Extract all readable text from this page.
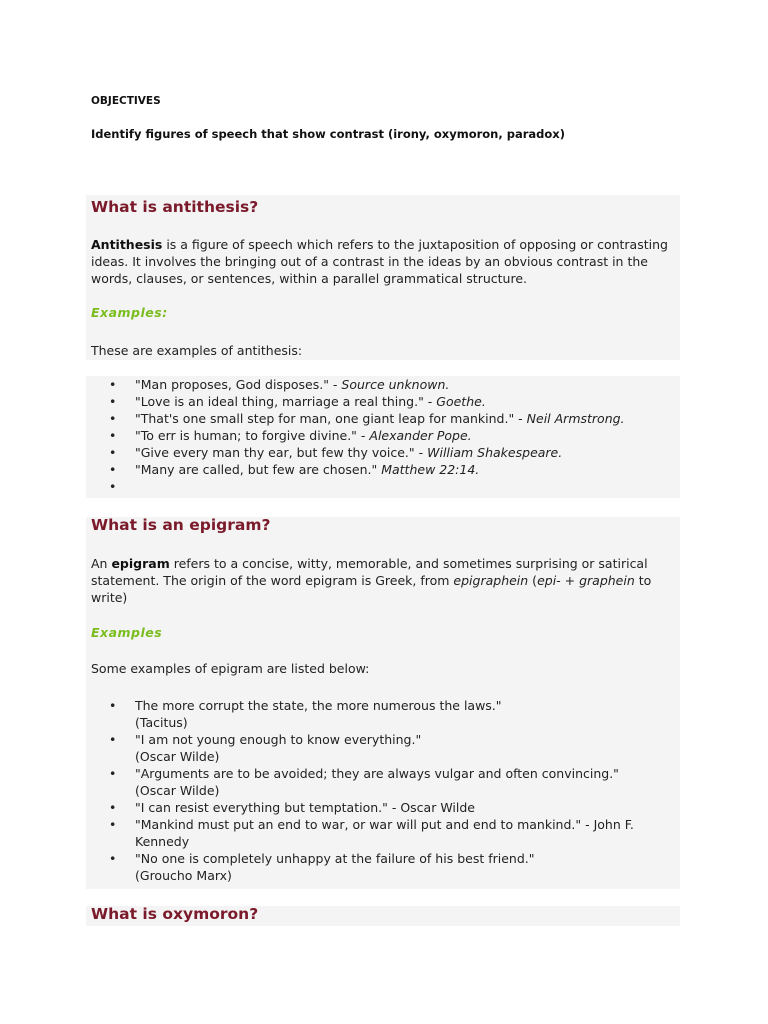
OBJECTIVES
Identify figures of speech that show contrast (irony, oxymoron, paradox)
What is antithesis?
Antithesis is a figure of speech which refers to the juxtaposition of opposing or contrasting ideas. It involves the bringing out of a contrast in the ideas by an obvious contrast in the words, clauses, or sentences, within a parallel grammatical structure.
Examples:
These are examples of antithesis:
• "Man proposes, God disposes." - Source unknown.
• "Love is an ideal thing, marriage a real thing." - Goethe.
• "That's one small step for man, one giant leap for mankind." - Neil Armstrong.
• "To err is human; to forgive divine." - Alexander Pope.
• "Give every man thy ear, but few thy voice." - William Shakespeare.
• "Many are called, but few are chosen." Matthew 22:14.
•
What is an epigram?
An epigram refers to a concise, witty, memorable, and sometimes surprising or satirical statement. The origin of the word epigram is Greek, from epigraphein (epi- + graphein to write)
Examples
Some examples of epigram are listed below:
• The more corrupt the state, the more numerous the laws."
(Tacitus)
• "I am not young enough to know everything."
(Oscar Wilde)
• "Arguments are to be avoided; they are always vulgar and often convincing."
(Oscar Wilde)
• "I can resist everything but temptation." - Oscar Wilde
• "Mankind must put an end to war, or war will put and end to mankind." - John F. Kennedy
• "No one is completely unhappy at the failure of his best friend."
(Groucho Marx)
What is oxymoron?
